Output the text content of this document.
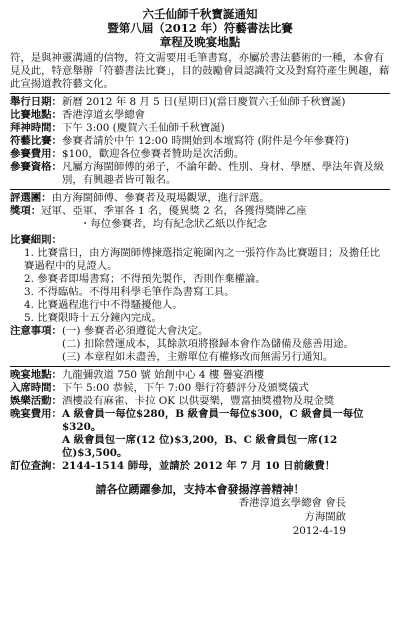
六壬仙師千秋寶誕通知
暨第八屆（2012 年）符藝書法比賽
章程及晚宴地點
符，是與神靈溝通的信物，符文需要用毛筆書寫，亦屬於書法藝術的一種，本會有見及此，特意舉辦「符藝書法比賽」，目的鼓勵會員認識符文及對寫符產生興趣，藉此宣揚道教符藝文化。
舉行日期： 新曆 2012 年 8 月 5 日(星期日)(當日慶賀六壬仙師千秋寶誕)
比賽地點： 香港淳道玄學總會
拜神時間： 下午 3:00 (慶賀六壬仙師千秋寶誕)
符藝比賽： 參賽者請於中午 12:00 時開始到本壇寫符 (附件是今年參賽符)
參賽費用： $100，歡迎各位參賽者贊助是次活動。
參賽資格： 凡屬方海閩師傅的弟子，不論年齡、性別、身材、學歷、學法年資及級別，有興趣者皆可報名。
評選團： 由方海閩師傅、參賽者及現場觀眾，進行評選。
獎項： 冠軍、亞軍、季軍各 1 名，優異獎 2 名，各獲得獎牌乙座
・每位參賽者，均有紀念狀乙紙以作紀念
比賽細則：
1. 比賽當日，由方海閩師傅揀選指定範圍內之一張符作為比賽題目；及擔任比賽過程中的見證人。
2. 參賽者即場書寫；不得預先製作，否則作棄權論。
3. 不得臨帖。不得用科學毛筆作為書寫工具。
4. 比賽過程進行中不得騷擾他人。
5. 比賽限時十五分鐘內完成。
注意事項： (一) 參賽者必須遵從大會決定。
(二) 扣除營運成本，其餘款項將撥歸本會作為儲備及慈善用途。
(三) 本章程如未盡善，主辦單位有權修改而無需另行通知。
晚宴地點： 九龍彌敦道 750 號 始創中心 4 樓 譽宴酒樓
入席時間： 下午 5:00 恭候，下午 7:00 舉行符藝評分及頒獎儀式
娛樂活動： 酒樓設有麻雀、卡拉 OK 以供耍樂，豐富抽獎禮物及現金獎
晚宴費用： A 級會員一每位$280，B 級會員一每位$300，C 級會員一每位$320。
A 級會員包一席(12 位)$3,200，B、C 級會員包一席(12 位)$3,500。
訂位查詢： 2144-1514 師母，並請於 2012 年 7 月 10 日前繳費！
請各位踴躍參加，支持本會發揚淳善精神！
香港淳道玄學總會 會長
方海閩啟
2012-4-19
